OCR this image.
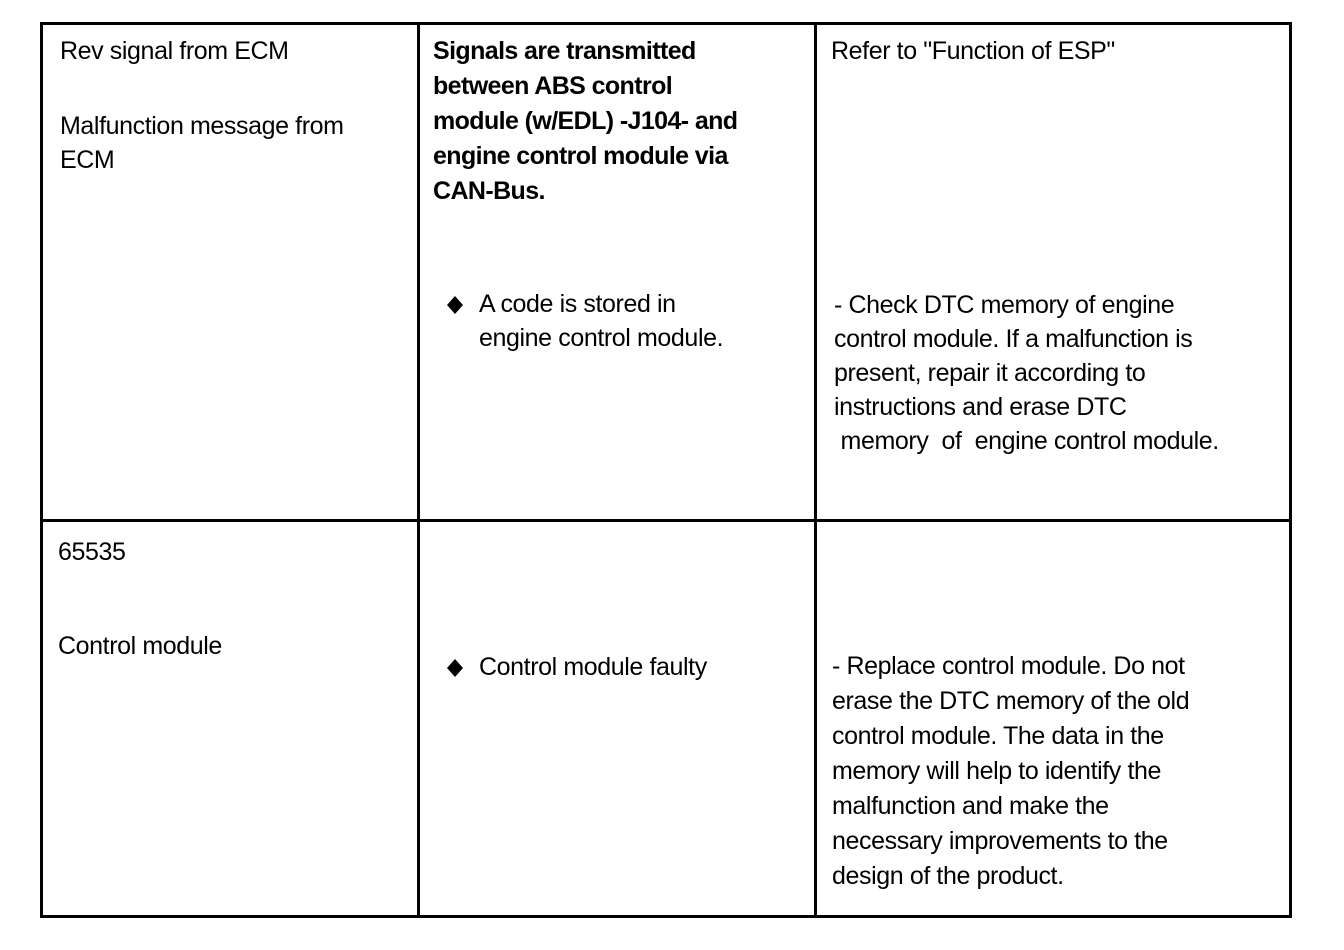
Rev signal from ECM
Malfunction message from
ECM
Signals are transmitted
between ABS control
module (w/EDL) -J104- and
engine control module via
CAN-Bus.
A code is stored in
engine control module.
Refer to "Function of ESP"
- Check DTC memory of engine
control module. If a malfunction is
present, repair it according to
instructions and erase DTC
memory  of  engine control module.
65535
Control module
Control module faulty	- Replace control module. Do not
erase the DTC memory of the old
control module. The data in the
memory will help to identify the
malfunction and make the
necessary improvements to the
design of the product.
